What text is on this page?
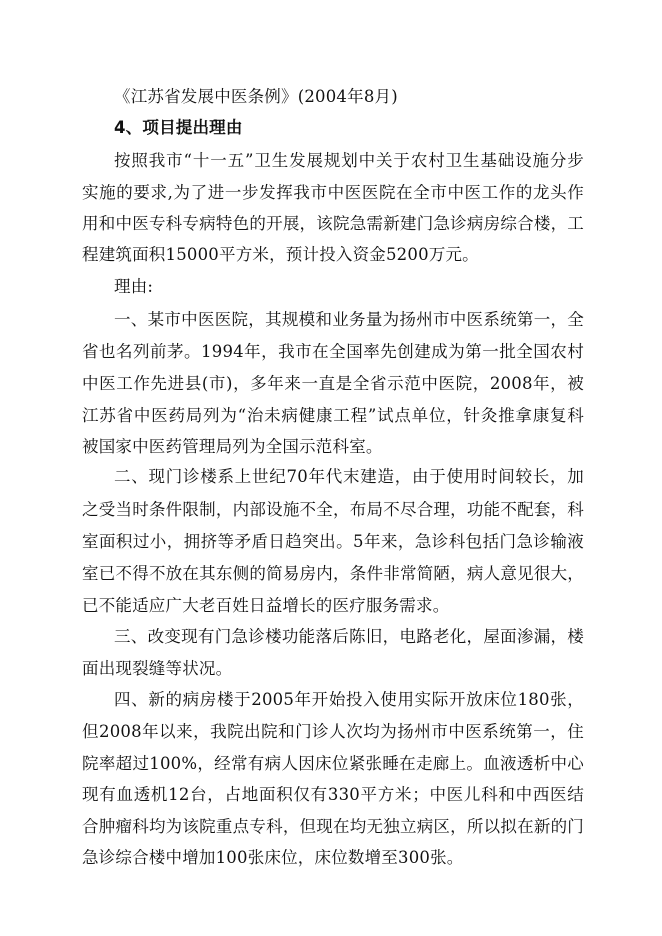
《江苏省发展中医条例》(2004年8月)
4、项目提出理由
按照我市“十一五”卫生发展规划中关于农村卫生基础设施分步
实施的要求,为了进一步发挥我市中医医院在全市中医工作的龙头作
用和中医专科专病特色的开展，该院急需新建门急诊病房综合楼，工
程建筑面积15000平方米，预计投入资金5200万元。
理由:
一、某市中医医院，其规模和业务量为扬州市中医系统第一，全
省也名列前茅。1994年，我市在全国率先创建成为第一批全国农村
中医工作先进县(市)，多年来一直是全省示范中医院，2008年，被
江苏省中医药局列为“治未病健康工程”试点单位，针灸推拿康复科
被国家中医药管理局列为全国示范科室。
二、现门诊楼系上世纪70年代末建造，由于使用时间较长，加
之受当时条件限制，内部设施不全，布局不尽合理，功能不配套，科
室面积过小，拥挤等矛盾日趋突出。5年来，急诊科包括门急诊输液
室已不得不放在其东侧的简易房内，条件非常简陋，病人意见很大，
已不能适应广大老百姓日益增长的医疗服务需求。
三、改变现有门急诊楼功能落后陈旧，电路老化，屋面渗漏，楼
面出现裂缝等状况。
四、新的病房楼于2005年开始投入使用实际开放床位180张，
但2008年以来，我院出院和门诊人次均为扬州市中医系统第一，住
院率超过100%，经常有病人因床位紧张睡在走廊上。血液透析中心
现有血透机12台，占地面积仅有330平方米；中医儿科和中西医结
合肿瘤科均为该院重点专科，但现在均无独立病区，所以拟在新的门
急诊综合楼中增加100张床位，床位数增至300张。
